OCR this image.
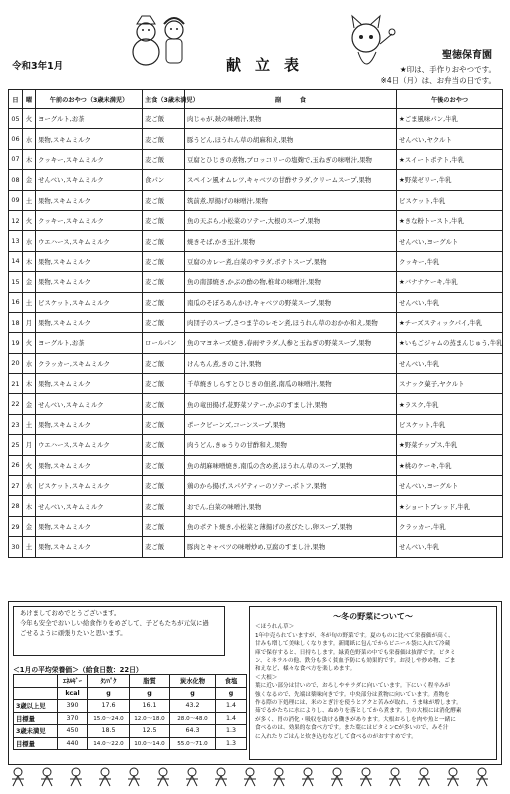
令和3年1月	献立表
聖徳保育園
★印は、手作りおやつです。
※4日（月）は、お弁当の日です。
日	曜	午前のおやつ（3歳未満児）	主食（3歳未満児）	副　　　食	午後のおやつ
05	火	ヨーグルト,お茶	麦ご飯	肉じゃが,麸の味噌汁,果物	★ごま風味パン,牛乳
06	水	果物,スキムミルク	麦ご飯	豚うどん,ほうれん草の胡麻和え,果物	せんべい,ヤクルト
07	木	クッキー,スキムミルク	麦ご飯	豆腐とひじきの煮物,ブロッコリーの塩麹で,玉ねぎの味噌汁,果物	★スイートポテト,牛乳
08	金	せんべい,スキムミルク	食パン	スペイン風オムレツ,キャベツの甘酢サラダ,クリームスープ,果物	★野菜ゼリー,牛乳
09	土	果物,スキムミルク	麦ご飯	筑前煮,厚揚げの味噌汁,果物	ビスケット,牛乳
12	火	クッキー,スキムミルク	麦ご飯	魚の天ぷら,小松菜のソテー,大根のスープ,果物	★きな粉トースト,牛乳
13	水	ウエハース,スキムミルク	麦ご飯	焼きそば,かき玉汁,果物	せんべい,ヨーグルト
14	木	果物,スキムミルク	麦ご飯	豆腐のカレー煮,白菜のサラダ,ポテトスープ,果物	クッキー,牛乳
15	金	果物,スキムミルク	麦ご飯	魚の南部焼き,かぶの酢の物,椎茸の味噌汁,果物	★バナナケーキ,牛乳
16	土	ビスケット,スキムミルク	麦ご飯	南瓜のそぼろあんかけ,キャベツの野菜スープ,果物	せんべい,牛乳
18	月	果物,スキムミルク	麦ご飯	肉団子のスープ,さつま芋のレモン煮,ほうれん草のおかか和え,果物	★チーズスティックパイ,牛乳
19	火	ヨーグルト,お茶	ロールパン	魚のマヨネーズ焼き,春雨サラダ,人参と玉ねぎの野菜スープ,果物	★いもごジャムの蒸まんじゅう,牛乳
20	水	クラッカー,スキムミルク	麦ご飯	けんちん煮,きのこ汁,果物	せんべい,牛乳
21	木	果物,スキムミルク	麦ご飯	千草焼きしらすとひじきの佃煮,南瓜の味噌汁,果物	スナック菓子,ヤクルト
22	金	せんべい,スキムミルク	麦ご飯	魚の竜田揚げ,花野菜ソテー,かぶのすまし汁,果物	★ラスク,牛乳
23	土	果物,スキムミルク	麦ご飯	ポークビーンズ,コーンスープ,果物	ビスケット,牛乳
25	月	ウエハース,スキムミルク	麦ご飯	肉うどん,きゅうりの甘酢和え,果物	★野菜チップス,牛乳
26	火	果物,スキムミルク	麦ご飯	魚の胡麻味噌焼き,南瓜の含め煮,ほうれん草のスープ,果物	★桃のケーキ,牛乳
27	水	ビスケット,スキムミルク	麦ご飯	鶏のから揚げ,スパゲティーのソテー,ポトフ,果物	せんべい,ヨーグルト
28	木	せんべい,スキムミルク	麦ご飯	おでん,白菜の味噌汁,果物	★ショートブレッド,牛乳
29	金	果物,スキムミルク	麦ご飯	魚のポテト焼き,小松菜と薄揚げの煮びたし,卵スープ,果物	クラッカー,牛乳
30	土	果物,スキムミルク	麦ご飯	豚肉とキャベツの味噌炒め,豆腐のすまし汁,果物	せんべい,牛乳
あけましておめでとうございます。
今年も安全でおいしい給食作りをめざして、子どもたちが元気に過
ごせるように頑張りたいと思います。
＜1月の平均栄養価＞（給食日数：22日）
	ｴﾈﾙｷﾞｰ	ﾀﾝﾊﾟｸ	脂質	炭水化物	食塩
	kcal	g	g	g	g
3歳以上児	390	17.6	16.1	43.2	1.4
目標量	370	15.0〜24.0	12.0〜18.0	28.0〜48.0	1.4
3歳未満児	450	18.5	12.5	64.3	1.3
目標量	440	14.0〜22.0	10.0〜14.0	55.0〜71.0	1.3
〜冬の野菜について〜
＜ほうれん草＞
1年中売られていますが、冬が旬の野菜です。夏のものに比べて栄養価が高く、
甘みも増して美味しくなります。新聞紙に包んでからビニール袋に入れて冷蔵
庫で保存すると、日持ちします。緑黄色野菜の中でも栄養価は抜群です。ビタミ
ン、ミネラルの他、鉄分も多く貧血予防にも効果的です。お浸しや炒め物、ごま
和えなど、様々な食べ方を楽しめます。
＜大根＞
葉に近い部分は甘いので、おろしやサラダに向いています。下にいく程辛みが
強くなるので、先端は薬味向きです。中央部分は煮物に向いています。煮物を
作る際の下処理には、米のとぎ汁を使うとアクと苦みが取れ、うま味が増します。
茹でるかたちに水によりし、ぬめりを落としてから煮ます。生の大根には消化酵素
が多く、胃の消化・吸収を助ける働きがあります。大根おろしを肉や魚と一緒に
食べるのは、効果的な食べ方です。また葉にはビタミンCが多いので、みそ汁
に入れたりごはんと炊き込むなどして食べるのがおすすめです。
